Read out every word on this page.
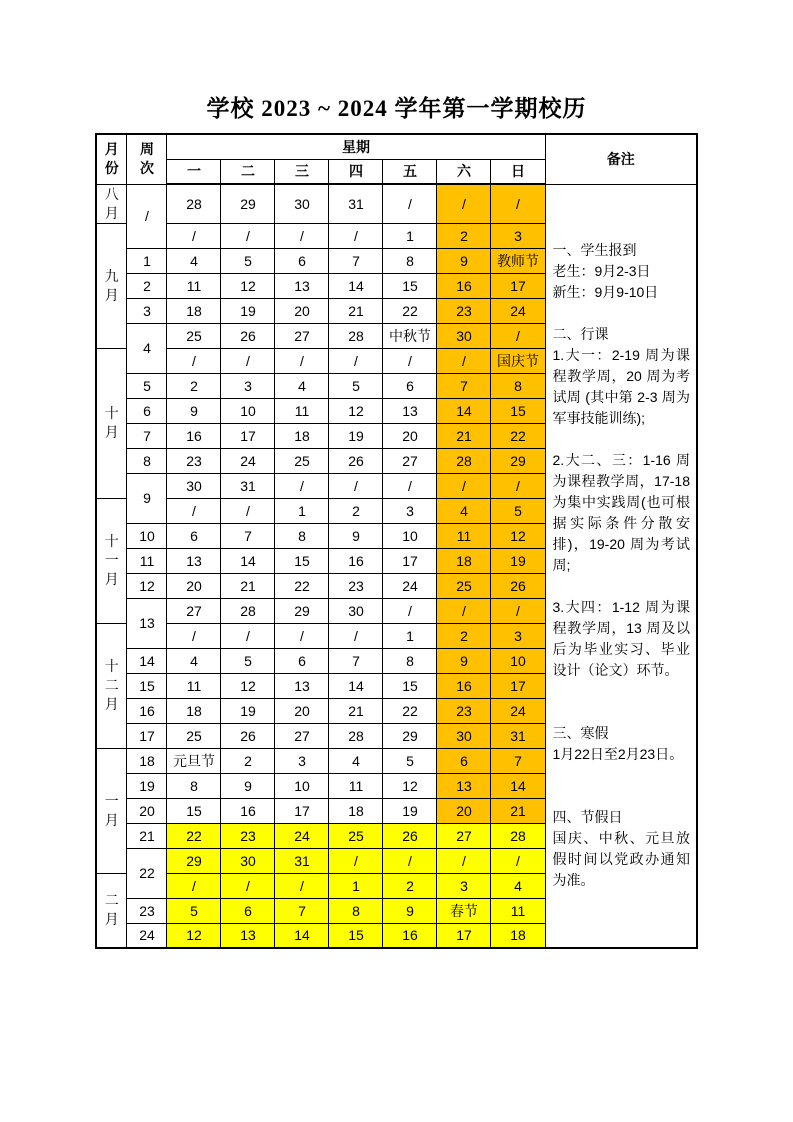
学校 2023 ~ 2024 学年第一学期校历
月份	周次	星期							备注
		一	二	三	四	五	六	日	

八月	/	28	29	30	31	/	/	/	
一、学生报到
老生：9月2-3日
新生：9月9-10日
二、行课
1.大一：2-19 周为课程教学周，20 周为考试周 (其中第 2-3 周为军事技能训练);
2.大二、三：1-16 周为课程教学周，17-18 为集中实践周(也可根据实际条件分散安排)，19-20 周为考试周;
3.大四：1-12 周为课程教学周，13 周及以后为毕业实习、毕业设计（论文）环节。
三、寒假
1月22日至2月23日。
四、节假日
国庆、中秋、元旦放假时间以党政办通知为准。

九月		/	/	/	/	1	2	3	
	1	4	5	6	7	8	9	教师节	
	2	11	12	13	14	15	16	17	
	3	18	19	20	21	22	23	24	
	4	25	26	27	28	中秋节	30	/	

十月		/	/	/	/	/	/	国庆节	
	5	2	3	4	5	6	7	8	
	6	9	10	11	12	13	14	15	
	7	16	17	18	19	20	21	22	
	8	23	24	25	26	27	28	29	
	9	30	31	/	/	/	/	/	

十一月		/	/	1	2	3	4	5	
	10	6	7	8	9	10	11	12	
	11	13	14	15	16	17	18	19	
	12	20	21	22	23	24	25	26	
	13	27	28	29	30	/	/	/	

十二月		/	/	/	/	1	2	3	
	14	4	5	6	7	8	9	10	
	15	11	12	13	14	15	16	17	
	16	18	19	20	21	22	23	24	
	17	25	26	27	28	29	30	31	

一月	18	元旦节	2	3	4	5	6	7	
	19	8	9	10	11	12	13	14	
	20	15	16	17	18	19	20	21	
	21	22	23	24	25	26	27	28	
	22	29	30	31	/	/	/	/	

二月		/	/	/	1	2	3	4	
	23	5	6	7	8	9	春节	11	
	24	12	13	14	15	16	17	18	
